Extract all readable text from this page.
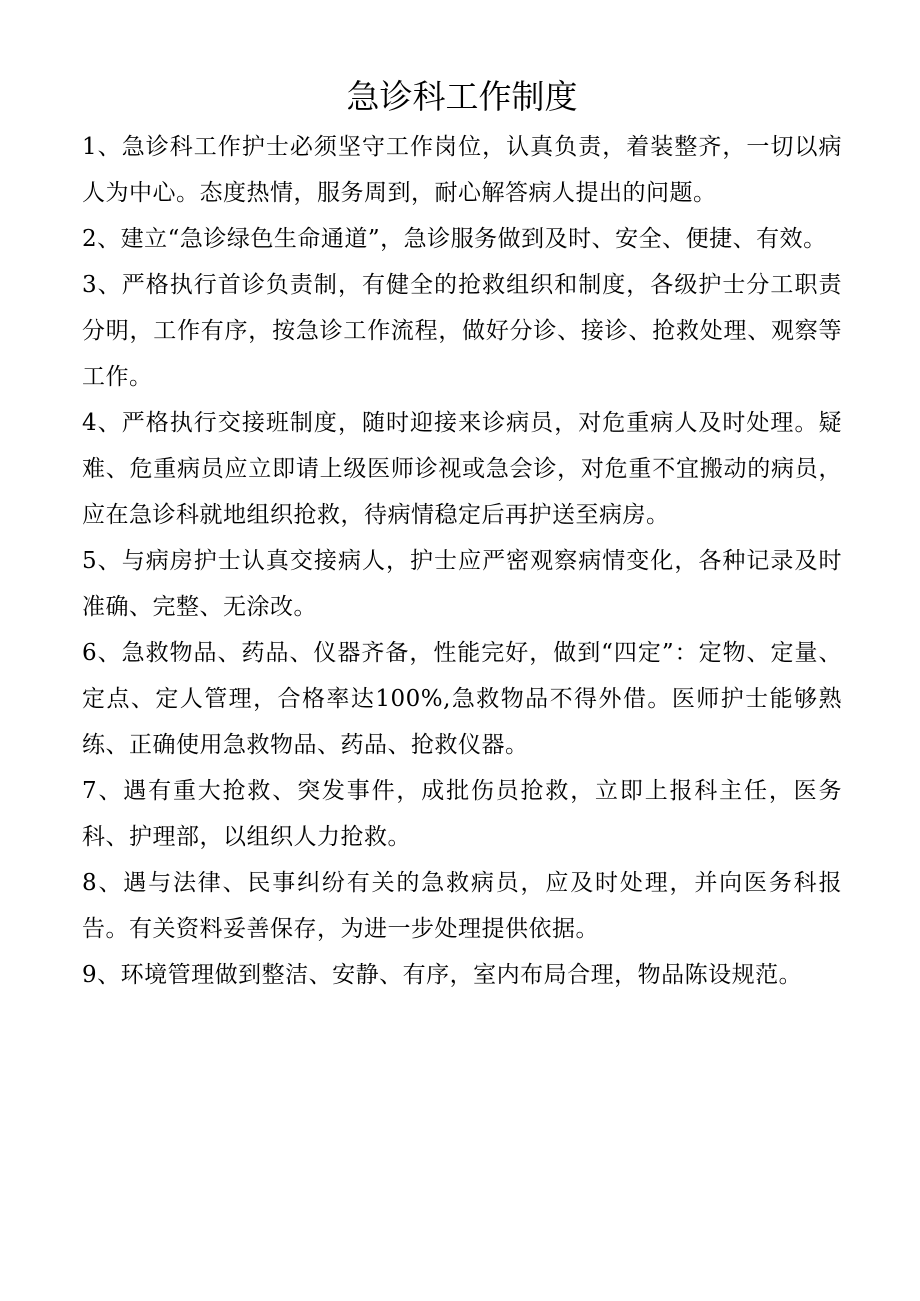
急诊科工作制度

1、急诊科工作护士必须坚守工作岗位，认真负责，着装整齐，一切以病人为中心。态度热情，服务周到，耐心解答病人提出的问题。

2、建立“急诊绿色生命通道”，急诊服务做到及时、安全、便捷、有效。

3、严格执行首诊负责制，有健全的抢救组织和制度，各级护士分工职责分明，工作有序，按急诊工作流程，做好分诊、接诊、抢救处理、观察等工作。

4、严格执行交接班制度，随时迎接来诊病员，对危重病人及时处理。疑难、危重病员应立即请上级医师诊视或急会诊，对危重不宜搬动的病员，应在急诊科就地组织抢救，待病情稳定后再护送至病房。

5、与病房护士认真交接病人，护士应严密观察病情变化，各种记录及时准确、完整、无涂改。

6、急救物品、药品、仪器齐备，性能完好，做到“四定”：定物、定量、定点、定人管理，合格率达100%,急救物品不得外借。医师护士能够熟练、正确使用急救物品、药品、抢救仪器。

7、遇有重大抢救、突发事件，成批伤员抢救，立即上报科主任，医务科、护理部，以组织人力抢救。

8、遇与法律、民事纠纷有关的急救病员，应及时处理，并向医务科报告。有关资料妥善保存，为进一步处理提供依据。

9、环境管理做到整洁、安静、有序，室内布局合理，物品陈设规范。
